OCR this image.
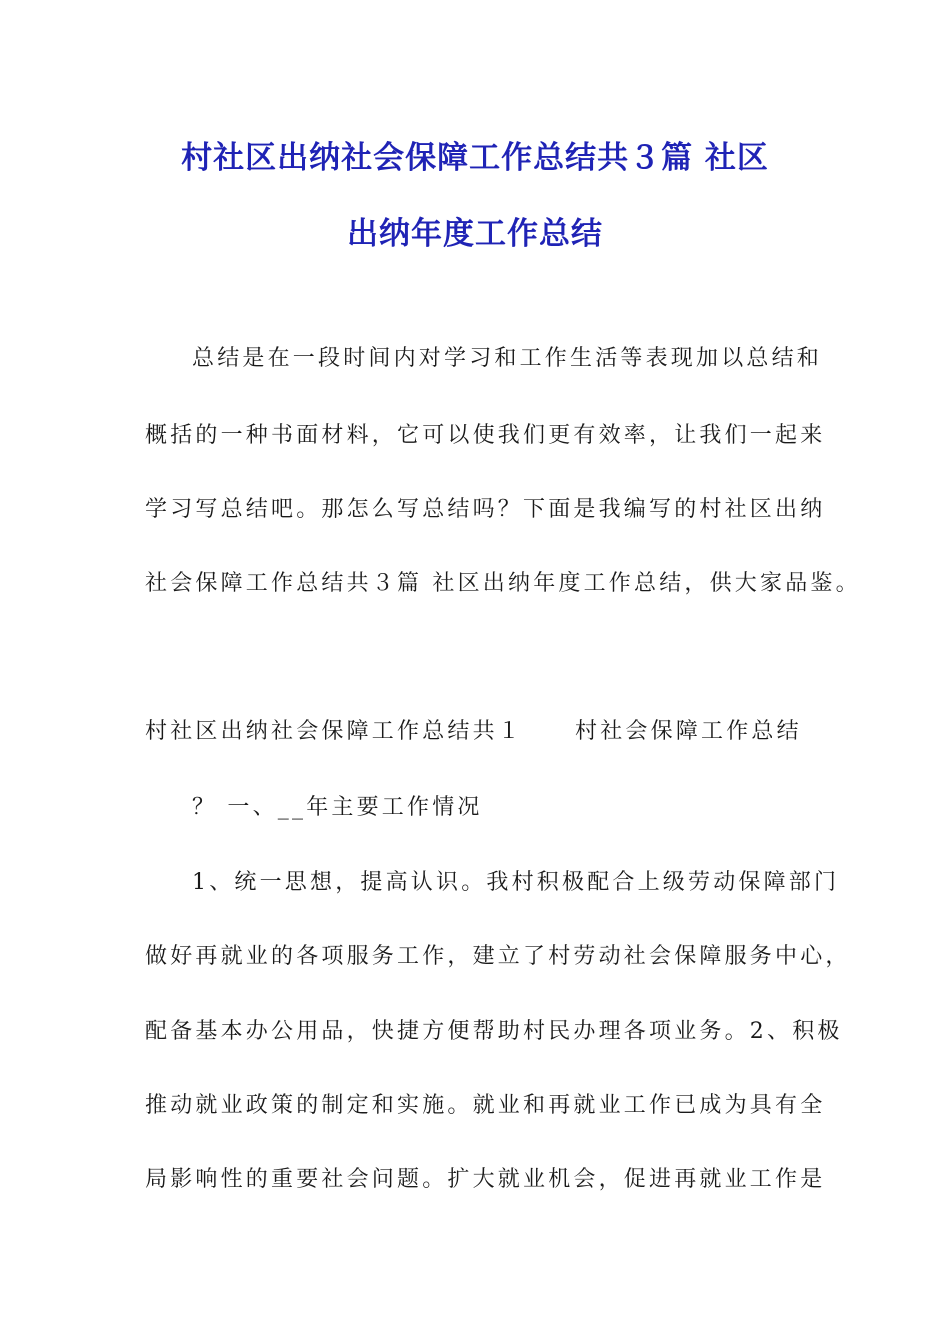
村社区出纳社会保障工作总结共３篇 社区
出纳年度工作总结
总结是在一段时间内对学习和工作生活等表现加以总结和
概括的一种书面材料，它可以使我们更有效率，让我们一起来
学习写总结吧。那怎么写总结吗？下面是我编写的村社区出纳
社会保障工作总结共３篇 社区出纳年度工作总结，供大家品鉴。
村社区出纳社会保障工作总结共１ 村社会保障工作总结
？ 一、__年主要工作情况
1、统一思想，提高认识。我村积极配合上级劳动保障部门
做好再就业的各项服务工作，建立了村劳动社会保障服务中心，
配备基本办公用品，快捷方便帮助村民办理各项业务。2、积极
推动就业政策的制定和实施。就业和再就业工作已成为具有全
局影响性的重要社会问题。扩大就业机会，促进再就业工作是
